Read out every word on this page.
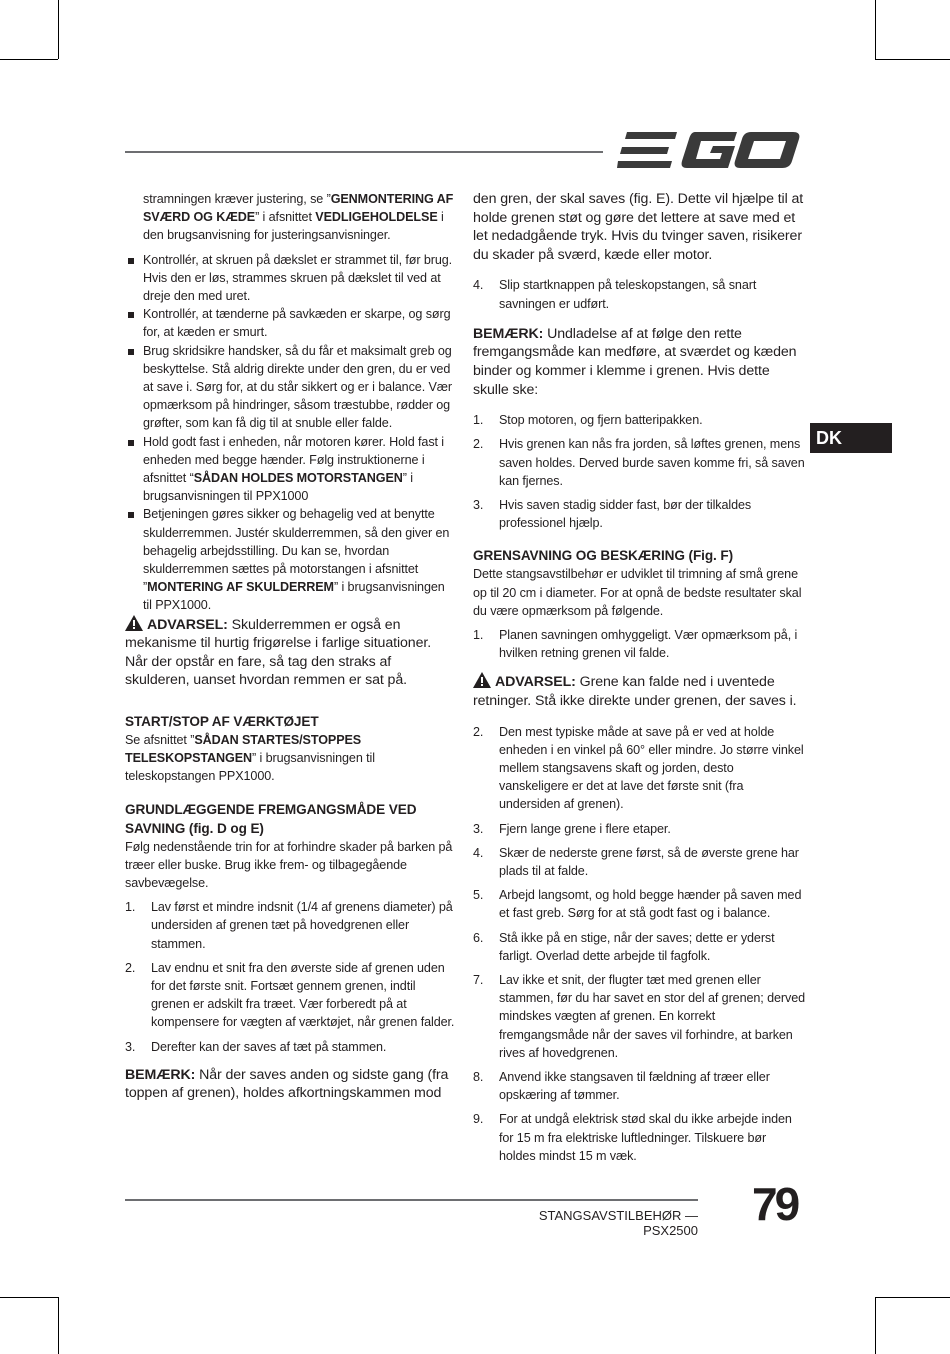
stramningen kræver justering, se ”GENMONTERING AF SVÆRD OG KÆDE” i afsnittet VEDLIGEHOLDELSE i den brugsanvisning for justeringsanvisninger.

Kontrollér, at skruen på dækslet er strammet til, før brug. Hvis den er løs, strammes skruen på dækslet til ved at dreje den med uret.

Kontrollér, at tænderne på savkæden er skarpe, og sørg for, at kæden er smurt.

Brug skridsikre handsker, så du får et maksimalt greb og beskyttelse. Stå aldrig direkte under den gren, du er ved at save i. Sørg for, at du står sikkert og er i balance. Vær opmærksom på hindringer, såsom træstubbe, rødder og grøfter, som kan få dig til at snuble eller falde.

Hold godt fast i enheden, når motoren kører. Hold fast i enheden med begge hænder. Følg instruktionerne i afsnittet “SÅDAN HOLDES MOTORSTANGEN” i brugsanvisningen til PPX1000

Betjeningen gøres sikker og behagelig ved at benytte skulderremmen. Justér skulderremmen, så den giver en behagelig arbejdsstilling. Du kan se, hvordan skulderremmen sættes på motorstangen i afsnittet ”MONTERING AF SKULDERREM” i brugsanvisningen til PPX1000.

ADVARSEL: Skulderremmen er også en mekanisme til hurtig frigørelse i farlige situationer. Når der opstår en fare, så tag den straks af skulderen, uanset hvordan remmen er sat på.

START/STOP AF VÆRKTØJET

Se afsnittet ”SÅDAN STARTES/STOPPES TELESKOPSTANGEN” i brugsanvisningen til teleskopstangen PPX1000.

GRUNDLÆGGENDE FREMGANGSMÅDE VED SAVNING (fig. D og E)

Følg nedenstående trin for at forhindre skader på barken på træer eller buske. Brug ikke frem- og tilbagegående savbevægelse.

1. Lav først et mindre indsnit (1/4 af grenens diameter) på undersiden af grenen tæt på hovedgrenen eller stammen.
2. Lav endnu et snit fra den øverste side af grenen uden for det første snit. Fortsæt gennem grenen, indtil grenen er adskilt fra træet. Vær forberedt på at kompensere for vægten af værktøjet, når grenen falder.
3. Derefter kan der saves af tæt på stammen.

BEMÆRK: Når der saves anden og sidste gang (fra toppen af grenen), holdes afkortningskammen mod

den gren, der skal saves (fig. E). Dette vil hjælpe til at holde grenen støt og gøre det lettere at save med et let nedadgående tryk. Hvis du tvinger saven, risikerer du skader på sværd, kæde eller motor.

4. Slip startknappen på teleskopstangen, så snart savningen er udført.

BEMÆRK: Undladelse af at følge den rette fremgangsmåde kan medføre, at sværdet og kæden binder og kommer i klemme i grenen. Hvis dette skulle ske:

1. Stop motoren, og fjern batteripakken.
2. Hvis grenen kan nås fra jorden, så løftes grenen, mens saven holdes. Derved burde saven komme fri, så saven kan fjernes.
3. Hvis saven stadig sidder fast, bør der tilkaldes professionel hjælp.

GRENSAVNING OG BESKÆRING (Fig. F)

Dette stangsavstilbehør er udviklet til trimning af små grene op til 20 cm i diameter. For at opnå de bedste resultater skal du være opmærksom på følgende.

1. Planen savningen omhyggeligt. Vær opmærksom på, i hvilken retning grenen vil falde.

ADVARSEL: Grene kan falde ned i uventede retninger. Stå ikke direkte under grenen, der saves i.

2. Den mest typiske måde at save på er ved at holde enheden i en vinkel på 60° eller mindre. Jo større vinkel mellem stangsavens skaft og jorden, desto vanskeligere er det at lave det første snit (fra undersiden af grenen).
3. Fjern lange grene i flere etaper.
4. Skær de nederste grene først, så de øverste grene har plads til at falde.
5. Arbejd langsomt, og hold begge hænder på saven med et fast greb. Sørg for at stå godt fast og i balance.
6. Stå ikke på en stige, når der saves; dette er yderst farligt. Overlad dette arbejde til fagfolk.
7. Lav ikke et snit, der flugter tæt med grenen eller stammen, før du har savet en stor del af grenen; derved mindskes vægten af grenen. En korrekt fremgangsmåde når der saves vil forhindre, at barken rives af hovedgrenen.
8. Anvend ikke stangsaven til fældning af træer eller opskæring af tømmer.
9. For at undgå elektrisk stød skal du ikke arbejde inden for 15 m fra elektriske luftledninger. Tilskuere bør holdes mindst 15 m væk.
DK
STANGSAVSTILBEHØR — PSX2500
79
